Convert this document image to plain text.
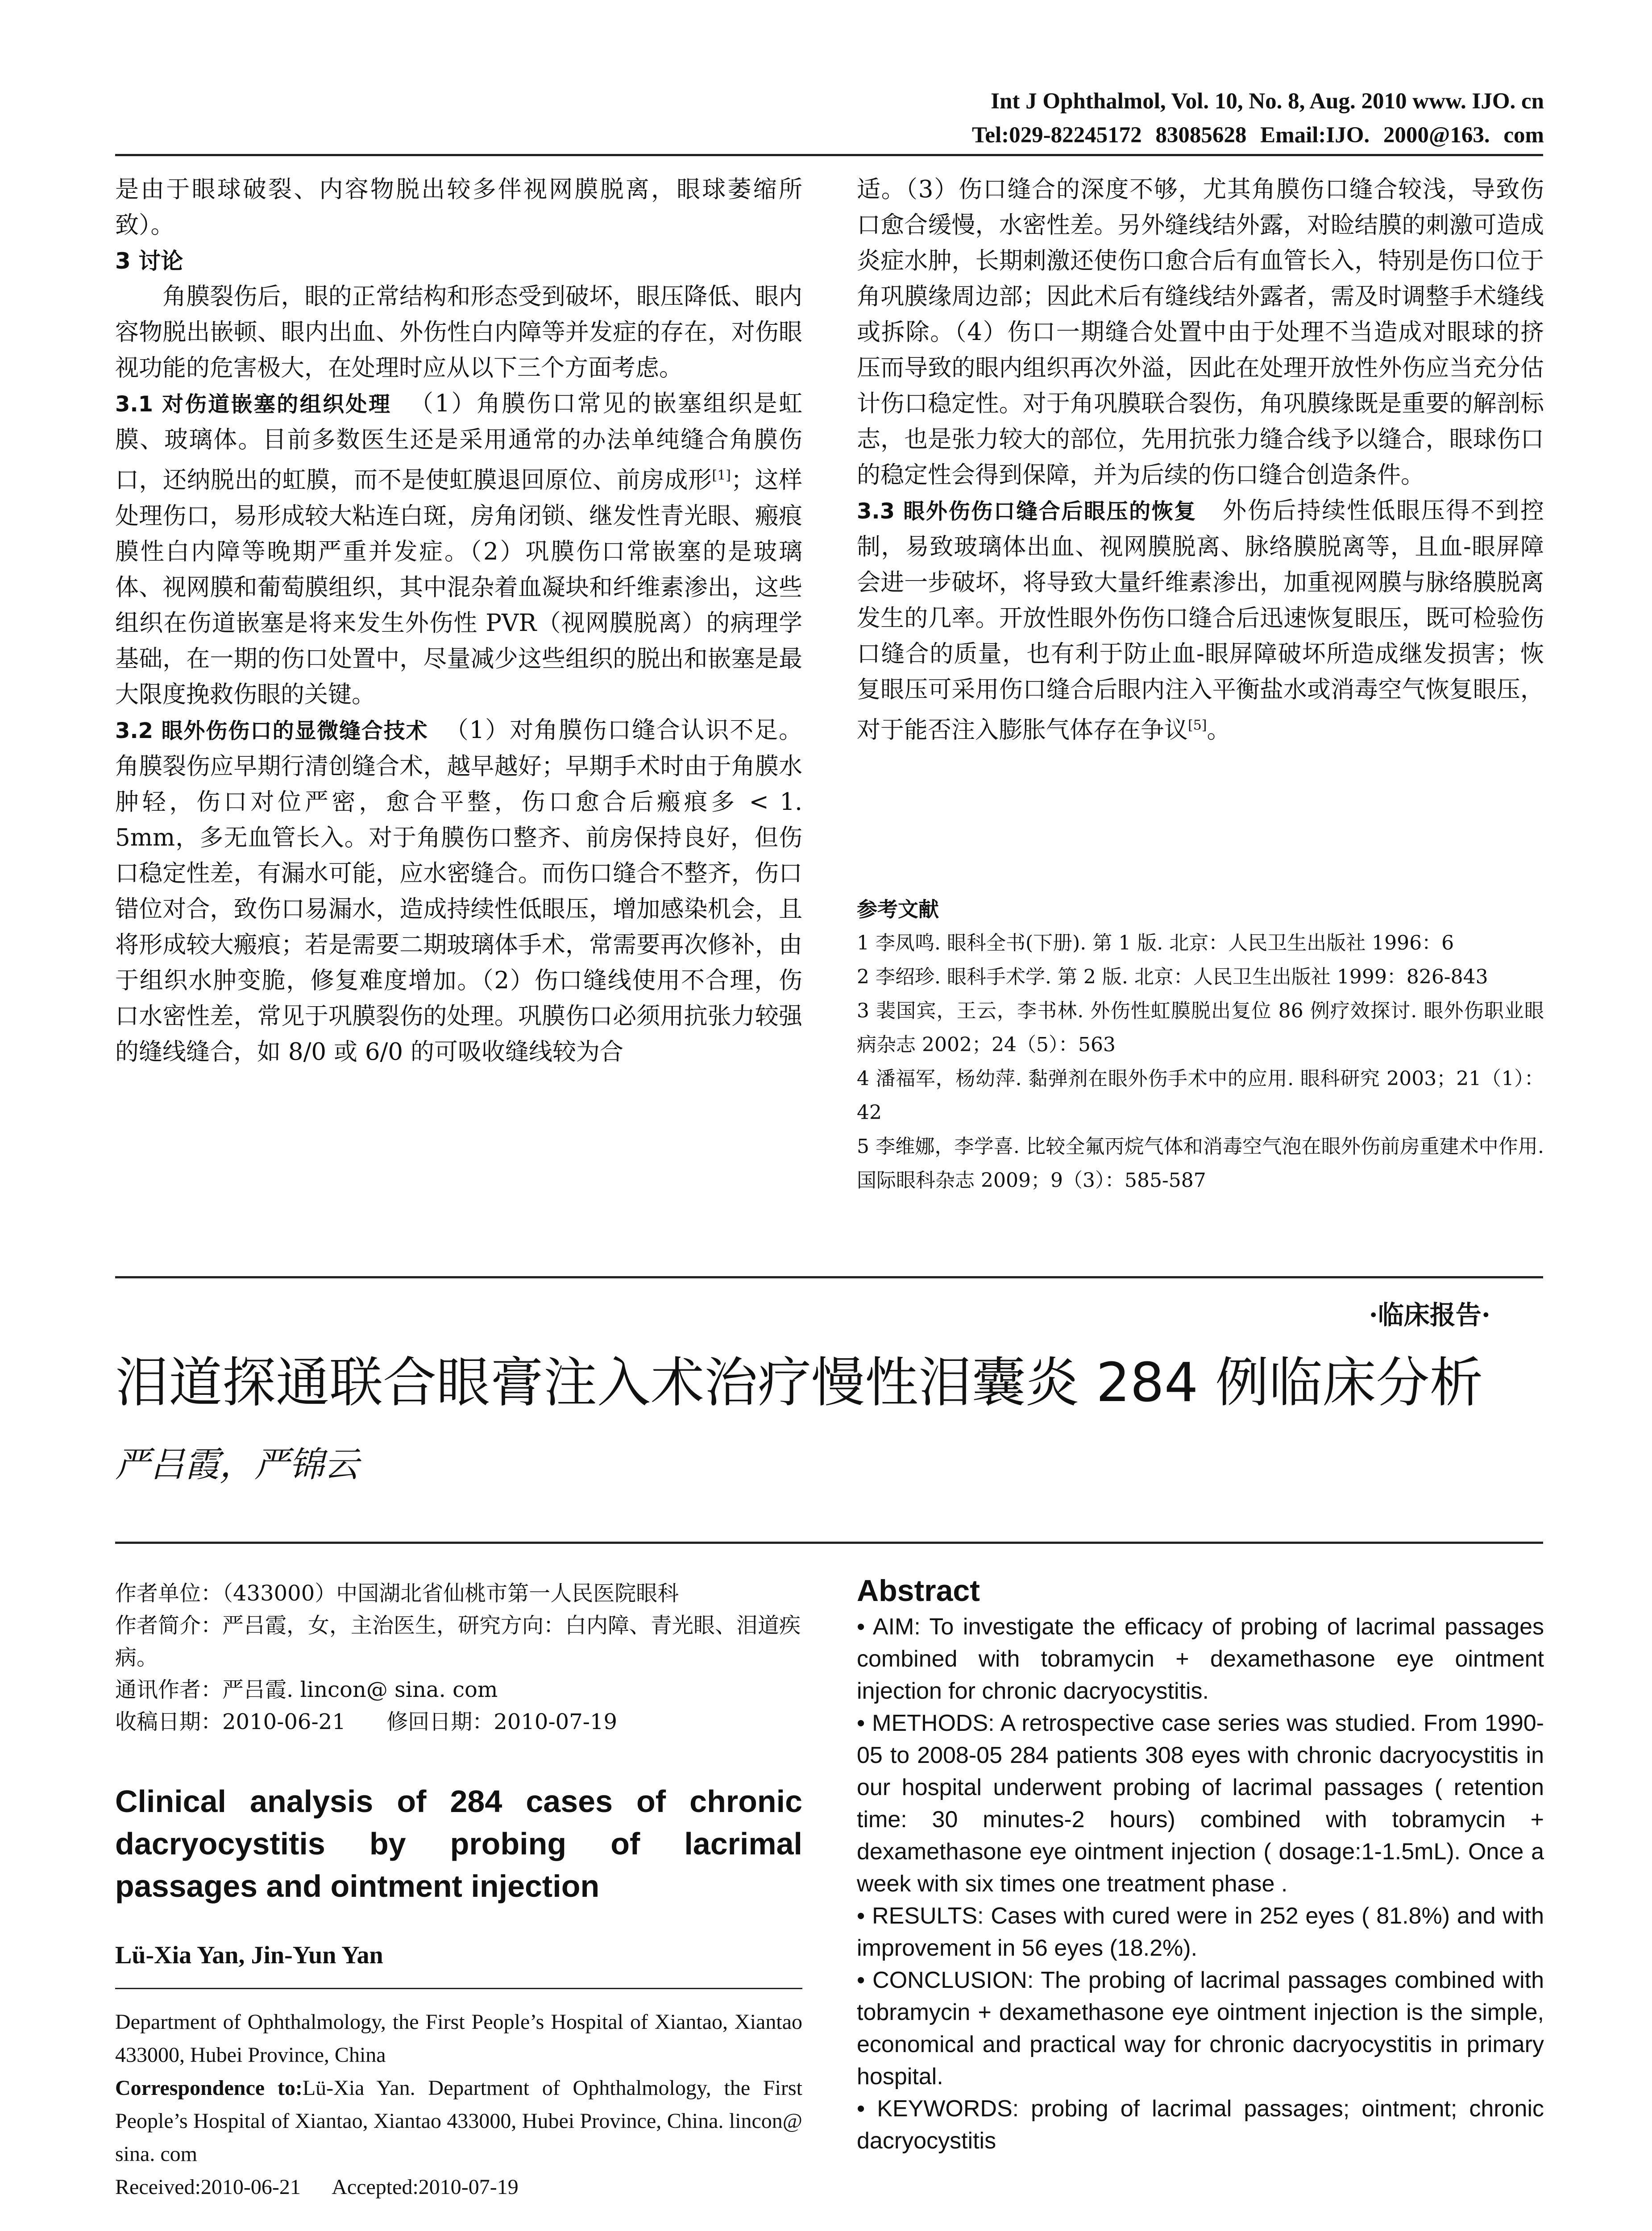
Int J Ophthalmol, Vol. 10, No. 8, Aug. 2010 www. IJO. cn
Tel:029-82245172 83085628 Email:IJO. 2000@163. com

是由于眼球破裂、内容物脱出较多伴视网膜脱离，眼球萎缩所致）。

3 讨论

角膜裂伤后，眼的正常结构和形态受到破坏，眼压降低、眼内容物脱出嵌顿、眼内出血、外伤性白内障等并发症的存在，对伤眼视功能的危害极大，在处理时应从以下三个方面考虑。

3.1 对伤道嵌塞的组织处理 （1）角膜伤口常见的嵌塞组织是虹膜、玻璃体。目前多数医生还是采用通常的办法单纯缝合角膜伤口，还纳脱出的虹膜，而不是使虹膜退回原位、前房成形[1]；这样处理伤口，易形成较大粘连白斑，房角闭锁、继发性青光眼、瘢痕膜性白内障等晚期严重并发症。（2）巩膜伤口常嵌塞的是玻璃体、视网膜和葡萄膜组织，其中混杂着血凝块和纤维素渗出，这些组织在伤道嵌塞是将来发生外伤性 PVR（视网膜脱离）的病理学基础，在一期的伤口处置中，尽量减少这些组织的脱出和嵌塞是最大限度挽救伤眼的关键。

3.2 眼外伤伤口的显微缝合技术 （1）对角膜伤口缝合认识不足。角膜裂伤应早期行清创缝合术，越早越好；早期手术时由于角膜水肿轻，伤口对位严密，愈合平整，伤口愈合后瘢痕多 < 1. 5mm，多无血管长入。对于角膜伤口整齐、前房保持良好，但伤口稳定性差，有漏水可能，应水密缝合。而伤口缝合不整齐，伤口错位对合，致伤口易漏水，造成持续性低眼压，增加感染机会，且将形成较大瘢痕；若是需要二期玻璃体手术，常需要再次修补，由于组织水肿变脆，修复难度增加。（2）伤口缝线使用不合理，伤口水密性差，常见于巩膜裂伤的处理。巩膜伤口必须用抗张力较强的缝线缝合，如 8/0 或 6/0 的可吸收缝线较为合

适。（3）伤口缝合的深度不够，尤其角膜伤口缝合较浅，导致伤口愈合缓慢，水密性差。另外缝线结外露，对睑结膜的刺激可造成炎症水肿，长期刺激还使伤口愈合后有血管长入，特别是伤口位于角巩膜缘周边部；因此术后有缝线结外露者，需及时调整手术缝线或拆除。（4）伤口一期缝合处置中由于处理不当造成对眼球的挤压而导致的眼内组织再次外溢，因此在处理开放性外伤应当充分估计伤口稳定性。对于角巩膜联合裂伤，角巩膜缘既是重要的解剖标志，也是张力较大的部位，先用抗张力缝合线予以缝合，眼球伤口的稳定性会得到保障，并为后续的伤口缝合创造条件。

3.3 眼外伤伤口缝合后眼压的恢复 外伤后持续性低眼压得不到控制，易致玻璃体出血、视网膜脱离、脉络膜脱离等，且血-眼屏障会进一步破坏，将导致大量纤维素渗出，加重视网膜与脉络膜脱离发生的几率。开放性眼外伤伤口缝合后迅速恢复眼压，既可检验伤口缝合的质量，也有利于防止血-眼屏障破坏所造成继发损害；恢复眼压可采用伤口缝合后眼内注入平衡盐水或消毒空气恢复眼压，对于能否注入膨胀气体存在争议[5]。

参考文献

1 李凤鸣. 眼科全书(下册). 第 1 版. 北京：人民卫生出版社 1996：6

2 李绍珍. 眼科手术学. 第 2 版. 北京：人民卫生出版社 1999：826-843

3 裴国宾，王云，李书林. 外伤性虹膜脱出复位 86 例疗效探讨. 眼外伤职业眼病杂志 2002；24（5）：563

4 潘福军，杨幼萍. 黏弹剂在眼外伤手术中的应用. 眼科研究 2003；21（1）：42

5 李维娜，李学喜. 比较全氟丙烷气体和消毒空气泡在眼外伤前房重建术中作用. 国际眼科杂志 2009；9（3）：585-587

·临床报告·
泪道探通联合眼膏注入术治疗慢性泪囊炎 284 例临床分析
严吕霞，严锦云

作者单位：（433000）中国湖北省仙桃市第一人民医院眼科

作者简介：严吕霞，女，主治医生，研究方向：白内障、青光眼、泪道疾病。

通讯作者：严吕霞. lincon@ sina. com

收稿日期：2010-06-21      修回日期：2010-07-19

Clinical analysis of 284 cases of chronic dacryocystitis by probing of lacrimal passages and ointment injection
Lü-Xia Yan, Jin-Yun Yan

Department of Ophthalmology, the First People’s Hospital of Xiantao, Xiantao 433000, Hubei Province, China

Correspondence to:Lü-Xia Yan. Department of Ophthalmology, the First People’s Hospital of Xiantao, Xiantao 433000, Hubei Province, China. lincon@ sina. com

Received:2010-06-21      Accepted:2010-07-19

Abstract

• AIM: To investigate the efficacy of probing of lacrimal passages combined with tobramycin + dexamethasone eye ointment injection for chronic dacryocystitis.

• METHODS: A retrospective case series was studied. From 1990-05 to 2008-05 284 patients 308 eyes with chronic dacryocystitis in our hospital underwent probing of lacrimal passages ( retention time: 30 minutes-2 hours) combined with tobramycin + dexamethasone eye ointment injection ( dosage:1-1.5mL). Once a week with six times one treatment phase .

• RESULTS: Cases with cured were in 252 eyes ( 81.8%) and with improvement in 56 eyes (18.2%).

• CONCLUSION: The probing of lacrimal passages combined with tobramycin + dexamethasone eye ointment injection is the simple, economical and practical way for chronic dacryocystitis in primary hospital.

• KEYWORDS: probing of lacrimal passages; ointment; chronic dacryocystitis
